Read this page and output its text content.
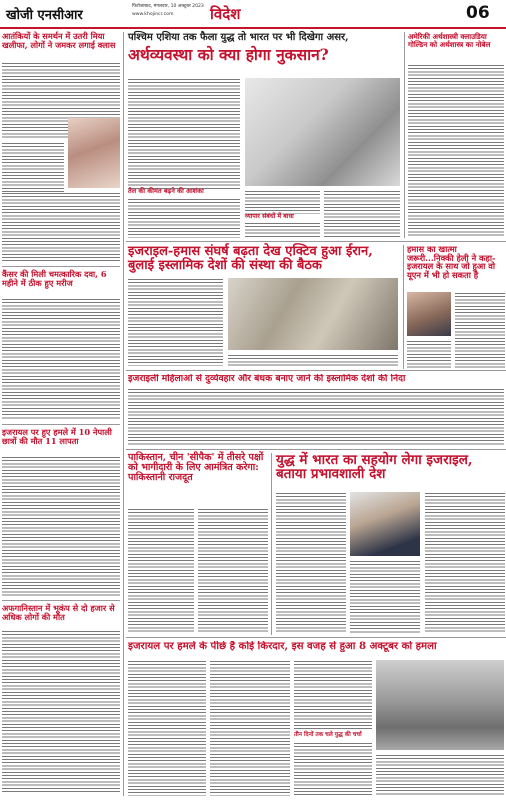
खोजी एनसीआर
फिरोजाबाद, मंगलवार, 10 अक्टूबर 2023
www.khojincr.com विदेश	06
आतंकियों के समर्थन में उतरी मिया खलीफा, लोगों ने जमकर लगाई क्लास
कैंसर की मिली चमत्कारिक दवा, 6 महीने में ठीक हुए मरीज
इजरायल पर हुए हमले में 10 नेपाली छात्रों की मौत 11 लापता
अफगानिस्तान में भूकंप से दो हजार से अधिक लोगों की मौत
पश्चिम एशिया तक फैला युद्ध तो भारत पर भी दिखेगा असर,
अर्थव्यवस्था को क्या होगा नुकसान?
तेल की कीमत बढ़ने की आशंका
व्यापार संबंधों में बाधा
अमेरिकी अर्थशास्त्री क्लाउडिया गोल्डिन को अर्थशास्त्र का नोबेल
इजराइल-हमास संघर्ष बढ़ता देख एक्टिव हुआ ईरान, बुलाई इस्लामिक देशों की संस्था की बैठक
हमास का खात्मा जरूरी...निक्की हेली ने कहा- इजरायल के साथ जो हुआ वो यूएन में भी हो सकता है
इजराइली महिलाओं से दुर्व्यवहार और बंधक बनाए जाने की इस्लामिक देशों की निंदा
पाकिस्तान, चीन 'सीपैक' में तीसरे पक्षों को भागीदारी के लिए आमंत्रित करेगा: पाकिस्तानी राजदूत
युद्ध में भारत का सहयोग लेगा इजराइल, बताया प्रभावशाली देश
इजरायल पर हमले के पीछे है कोई किरदार, इस वजह से हुआ 8 अक्टूबर को हमला
तीन दिनों तक चले युद्ध की चर्चा
